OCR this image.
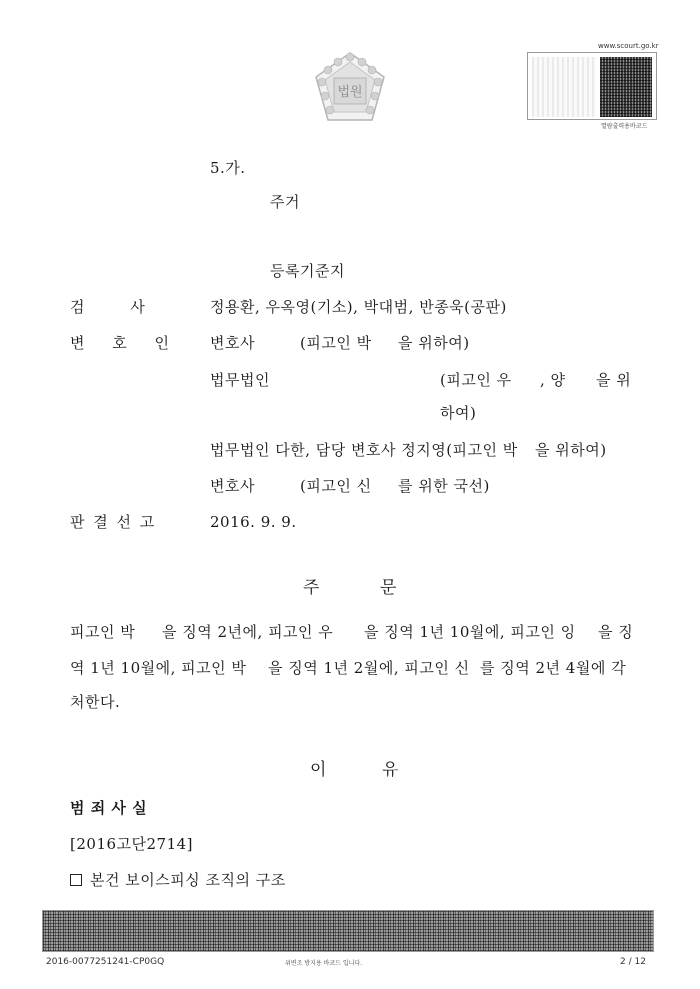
법원
www.scourt.go.kr
열람출력용바코드
5.가.
주거
등록기준지
검 사	정용환, 우옥영(기소), 박대범, 반종욱(공판)
변 호 인	변호사	(피고인 박 을 위하여)
법무법인	(피고인 우 , 양 을 위
하여)
법무법인 다한, 담당 변호사 정지영(피고인 박 을 위하여)
변호사	(피고인 신 를 위한 국선)
판 결 선 고	2016. 9. 9.
주	문
피고인 박 을 징역 2년에, 피고인 우 을 징역 1년 10월에, 피고인 잉 을 징
역 1년 10월에, 피고인 박 을 징역 1년 2월에, 피고인 신 를 징역 2년 4월에 각
처한다.
이	유
범 죄 사 실
[2016고단2714]
본건 보이스피싱 조직의 구조
2016-0077251241-CP0GQ	위변조 방지용 바코드 입니다.	2 / 12
